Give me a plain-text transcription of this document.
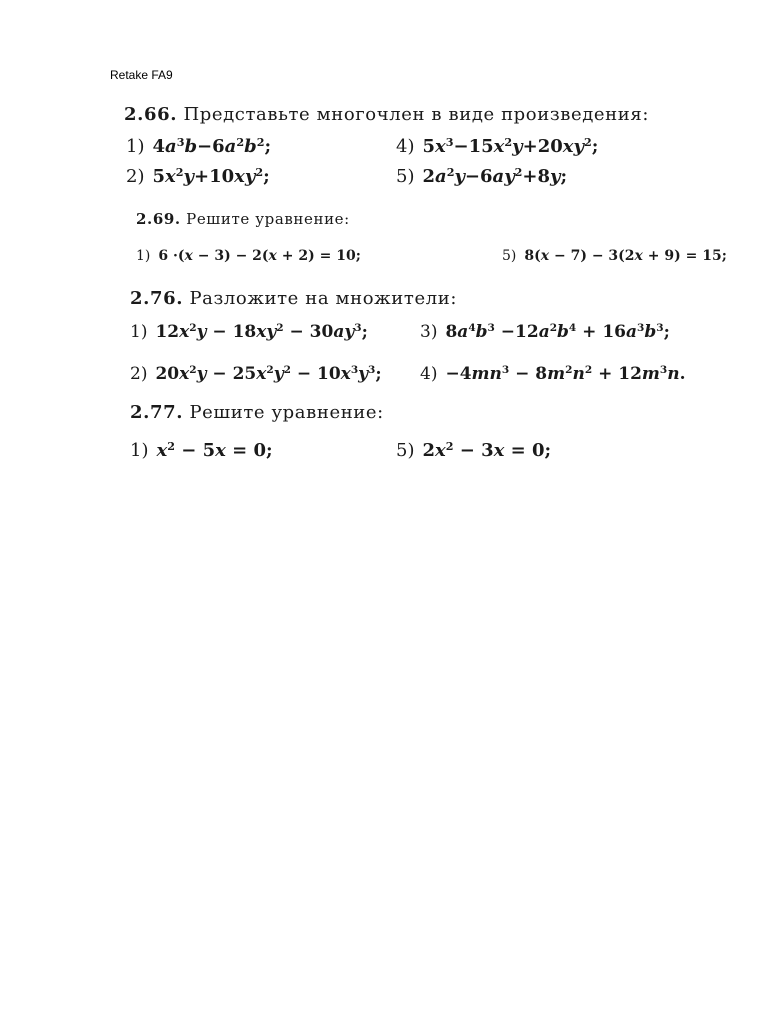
Retake FA9
2.66. Представьте многочлен в виде произведения:
1) $4a^3b-6a^2b^2$;	4) $5x^3-15x^2y+20xy^2$;
2) $5x^2y+10xy^2$;	5) $2a^2y-6ay^2+8y$;
2.69. Решите уравнение:
1) 6 ·(x − 3) − 2(x + 2) = 10;	5) 8(x − 7) − 3(2x + 9) = 15;
2.76. Разложите на множители:
1) $12x^2y - 18xy^2 - 30ay^3$;	3) $8a^4b^3 -12a^2b^4 + 16a^3b^3$;
2) $20x^2y - 25x^2y^2 - 10x^3y^3$; $4) -4mn^3 - 8m^2n^2 + 12m^3n$.
2.77. Решите уравнение:
1) $x^2 - 5x = 0$;	5) $2x^2 - 3x = 0$;
